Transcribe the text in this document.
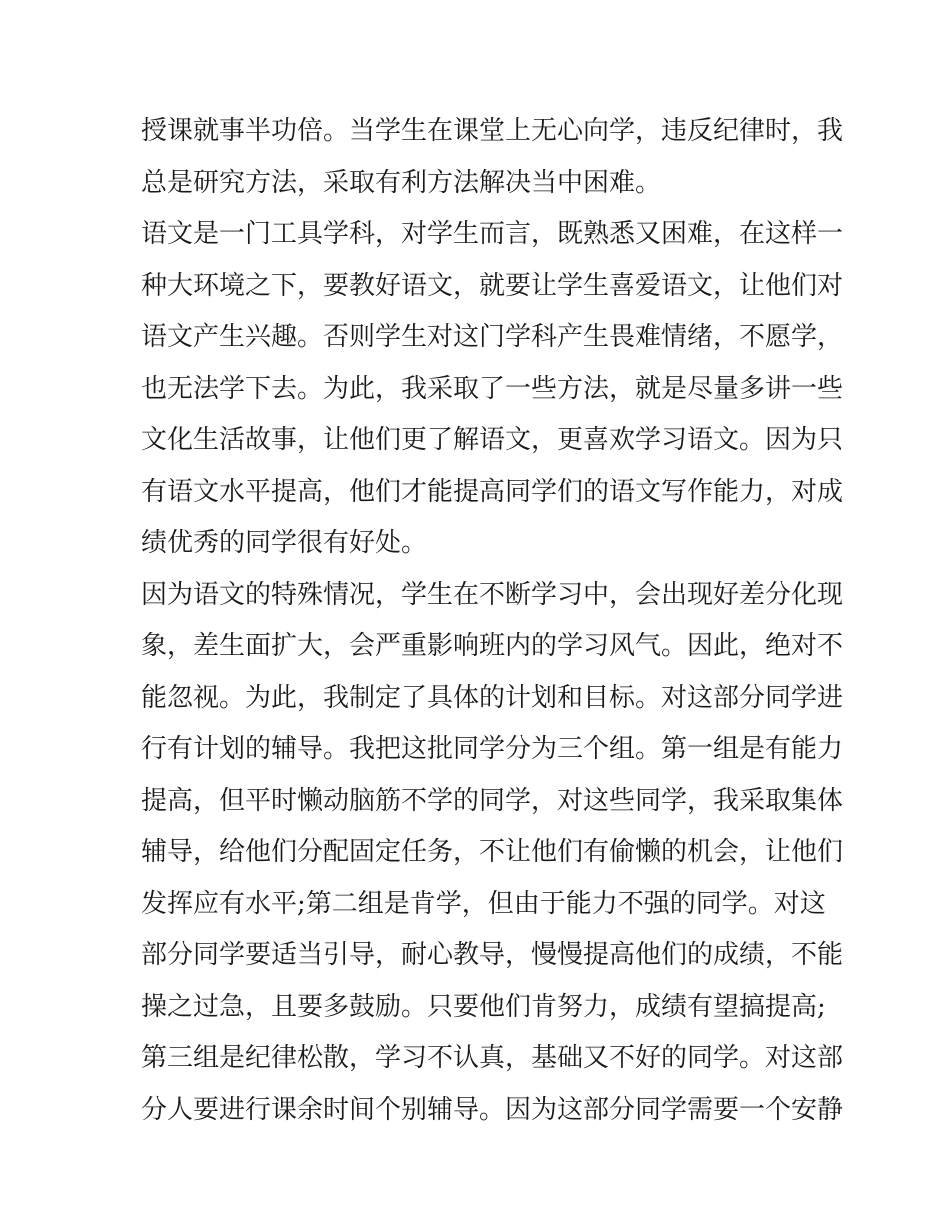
授课就事半功倍。当学生在课堂上无心向学，违反纪律时，我
总是研究方法，采取有利方法解决当中困难。
语文是一门工具学科，对学生而言，既熟悉又困难，在这样一
种大环境之下，要教好语文，就要让学生喜爱语文，让他们对
语文产生兴趣。否则学生对这门学科产生畏难情绪，不愿学，
也无法学下去。为此，我采取了一些方法，就是尽量多讲一些
文化生活故事，让他们更了解语文，更喜欢学习语文。因为只
有语文水平提高，他们才能提高同学们的语文写作能力，对成
绩优秀的同学很有好处。
因为语文的特殊情况，学生在不断学习中，会出现好差分化现
象，差生面扩大，会严重影响班内的学习风气。因此，绝对不
能忽视。为此，我制定了具体的计划和目标。对这部分同学进
行有计划的辅导。我把这批同学分为三个组。第一组是有能力
提高，但平时懒动脑筋不学的同学，对这些同学，我采取集体
辅导，给他们分配固定任务，不让他们有偷懒的机会，让他们
发挥应有水平;第二组是肯学，但由于能力不强的同学。对这
部分同学要适当引导，耐心教导，慢慢提高他们的成绩，不能
操之过急，且要多鼓励。只要他们肯努力，成绩有望搞提高;
第三组是纪律松散，学习不认真，基础又不好的同学。对这部
分人要进行课余时间个别辅导。因为这部分同学需要一个安静
